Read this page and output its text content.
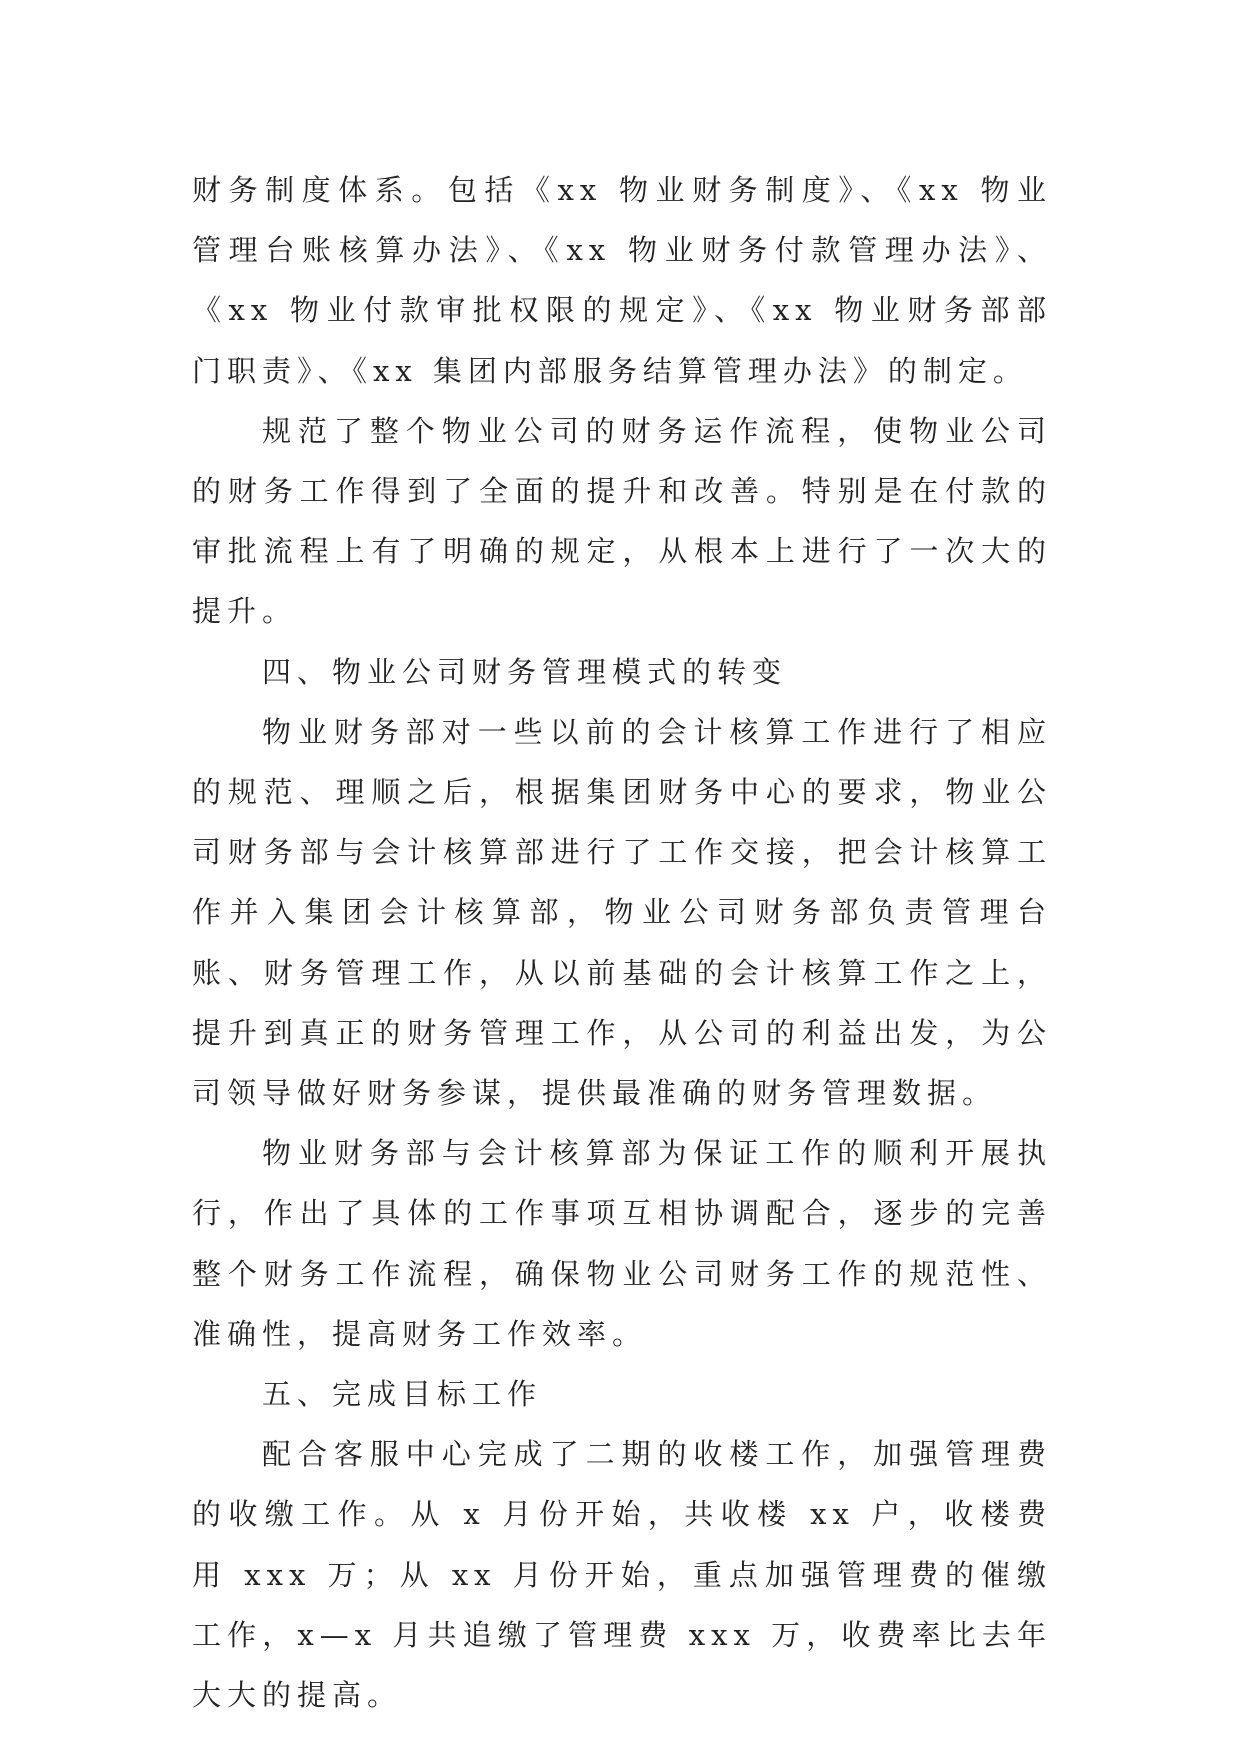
财务制度体系。包括《xx 物业财务制度》、《xx 物业管理台账核算办法》、《xx 物业财务付款管理办法》、《xx 物业付款审批权限的规定》、《xx 物业财务部部门职责》、《xx 集团内部服务结算管理办法》的制定。

规范了整个物业公司的财务运作流程，使物业公司的财务工作得到了全面的提升和改善。特别是在付款的审批流程上有了明确的规定，从根本上进行了一次大的提升。

四、物业公司财务管理模式的转变

物业财务部对一些以前的会计核算工作进行了相应的规范、理顺之后，根据集团财务中心的要求，物业公司财务部与会计核算部进行了工作交接，把会计核算工作并入集团会计核算部，物业公司财务部负责管理台账、财务管理工作，从以前基础的会计核算工作之上，提升到真正的财务管理工作，从公司的利益出发，为公司领导做好财务参谋，提供最准确的财务管理数据。

物业财务部与会计核算部为保证工作的顺利开展执行，作出了具体的工作事项互相协调配合，逐步的完善整个财务工作流程，确保物业公司财务工作的规范性、准确性，提高财务工作效率。

五、完成目标工作

配合客服中心完成了二期的收楼工作，加强管理费的收缴工作。从 x 月份开始，共收楼 xx 户，收楼费用 xxx 万；从 xx 月份开始，重点加强管理费的催缴工作，x—x 月共追缴了管理费 xxx 万，收费率比去年大大的提高。
